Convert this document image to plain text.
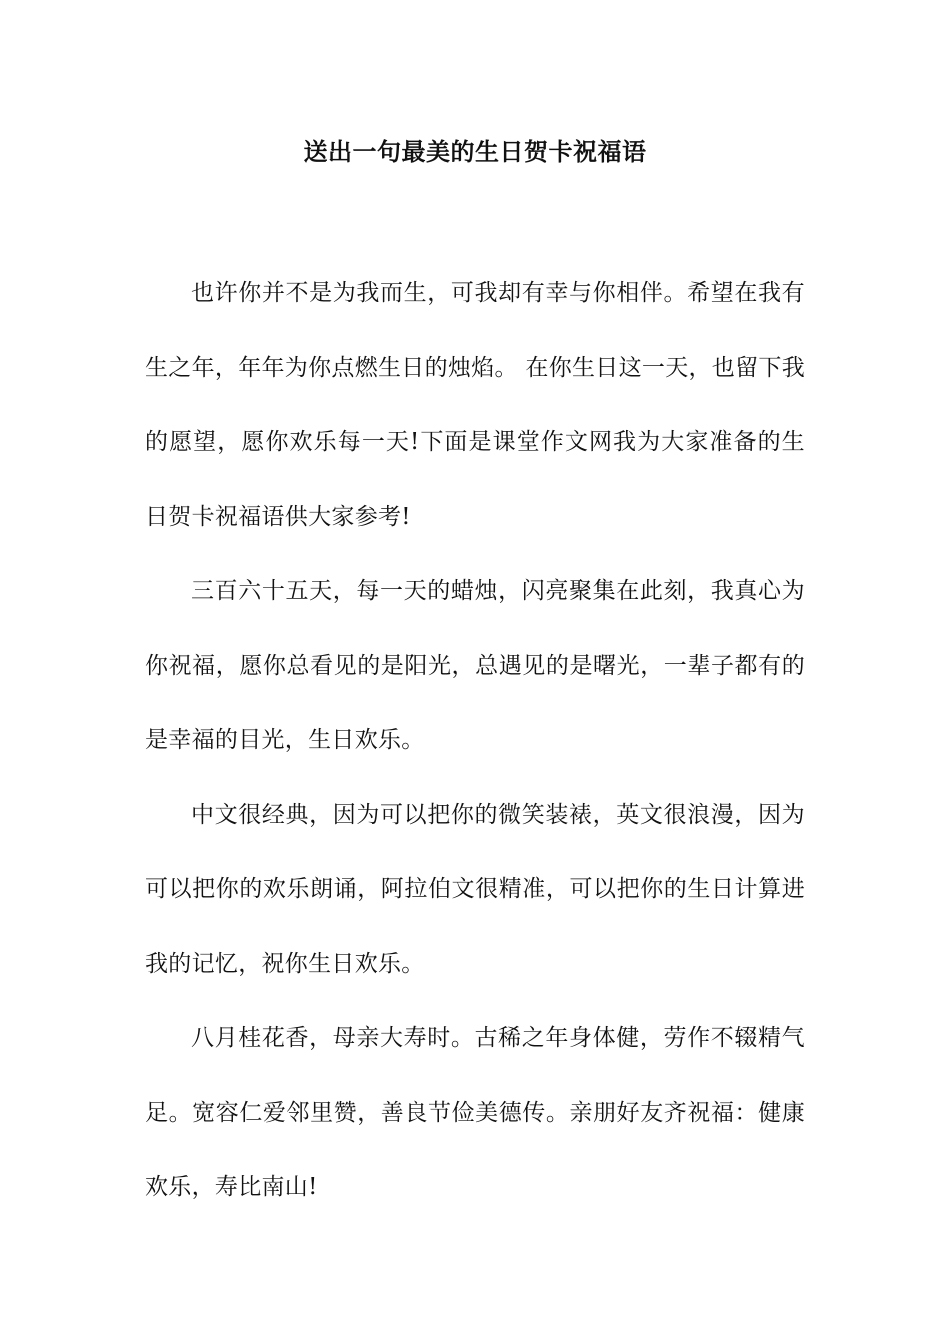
送出一句最美的生日贺卡祝福语

也许你并不是为我而生，可我却有幸与你相伴。希望在我有生之年，年年为你点燃生日的烛焰。 在你生日这一天，也留下我的愿望，愿你欢乐每一天!下面是课堂作文网我为大家准备的生日贺卡祝福语供大家参考!

三百六十五天，每一天的蜡烛，闪亮聚集在此刻，我真心为你祝福，愿你总看见的是阳光，总遇见的是曙光，一辈子都有的是幸福的目光，生日欢乐。

中文很经典，因为可以把你的微笑装裱，英文很浪漫，因为可以把你的欢乐朗诵，阿拉伯文很精准，可以把你的生日计算进我的记忆，祝你生日欢乐。

八月桂花香，母亲大寿时。古稀之年身体健，劳作不辍精气足。宽容仁爱邻里赞，善良节俭美德传。亲朋好友齐祝福：健康欢乐，寿比南山!
